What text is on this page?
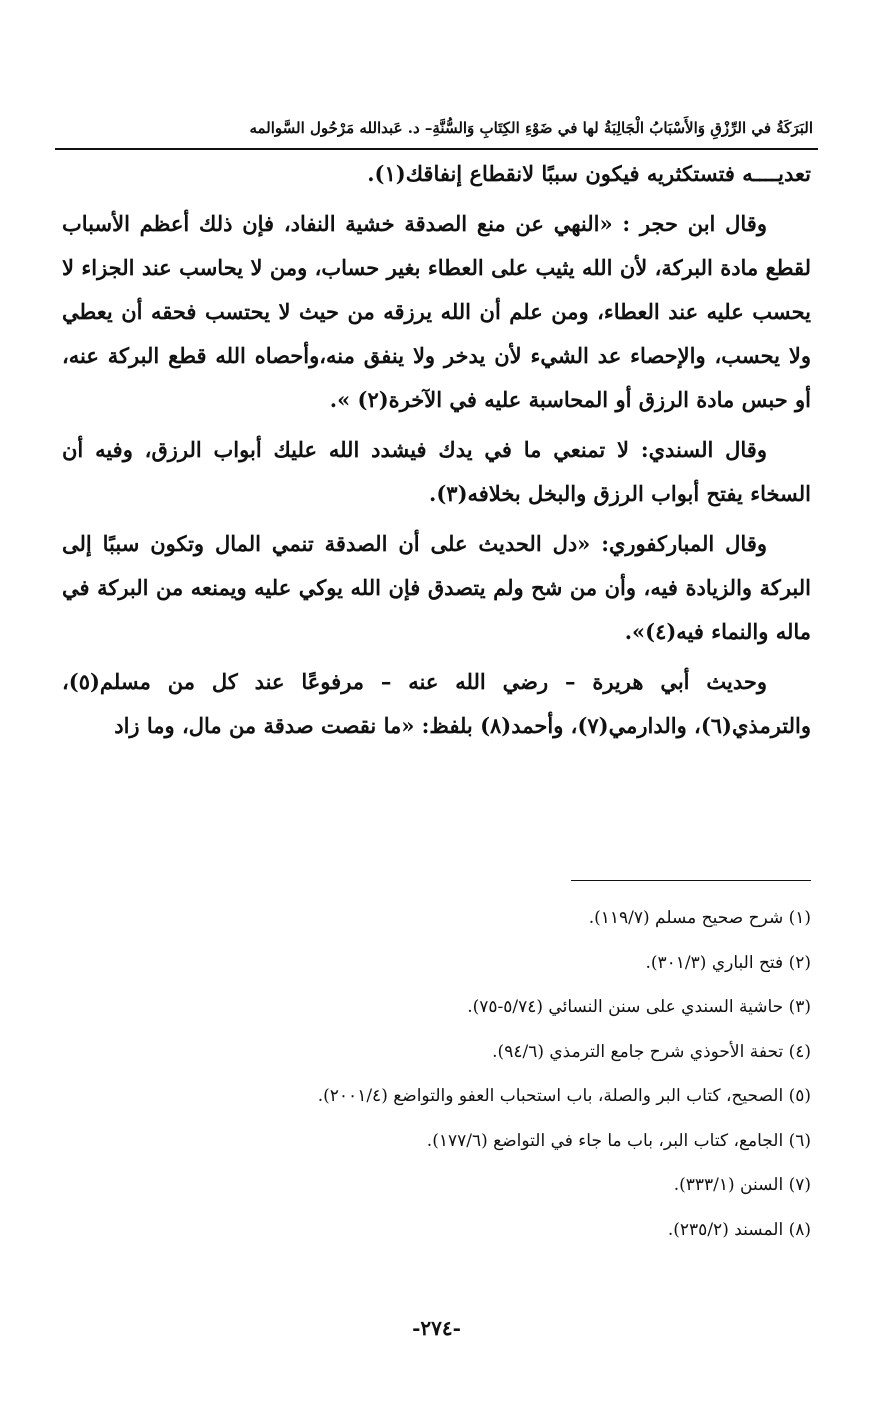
البَرَكَةُ في الرِّزْقِ وَالأَسْبَابُ الْجَالِبَةُ لها في ضَوْءِ الكِتَابِ وَالسُّنَّةِ– د. عَبدالله مَرْحُول السَّوالمه

تعديــــه فتستكثريه فيكون سببًا لانقطاع إنفاقك(١).

وقال ابن حجر : «النهي عن منع الصدقة خشية النفاد، فإن ذلك أعظم الأسباب لقطع مادة البركة، لأن الله يثيب على العطاء بغير حساب، ومن لا يحاسب عند الجزاء لا يحسب عليه عند العطاء، ومن علم أن الله يرزقه من حيث لا يحتسب فحقه أن يعطي ولا يحسب، والإحصاء عد الشيء لأن يدخر ولا ينفق منه،وأحصاه الله قطع البركة عنه، أو حبس مادة الرزق أو المحاسبة عليه في الآخرة(٢) ».

وقال السندي: لا تمنعي ما في يدك فيشدد الله عليك أبواب الرزق، وفيه أن السخاء يفتح أبواب الرزق والبخل بخلافه(٣).

وقال المباركفوري: «دل الحديث على أن الصدقة تنمي المال وتكون سببًا إلى البركة والزيادة فيه، وأن من شح ولم يتصدق فإن الله يوكي عليه ويمنعه من البركة في ماله والنماء فيه(٤)».

وحديث أبي هريرة – رضي الله عنه – مرفوعًا عند كل من مسلم(٥)، والترمذي(٦)، والدارمي(٧)، وأحمد(٨) بلفظ: «ما نقصت صدقة من مال، وما زاد

(١) شرح صحيح مسلم (١١٩/٧).
(٢) فتح الباري (٣٠١/٣).
(٣) حاشية السندي على سنن النسائي (٥/٧٤-٧٥).
(٤) تحفة الأحوذي شرح جامع الترمذي (٩٤/٦).
(٥) الصحيح، كتاب البر والصلة، باب استحباب العفو والتواضع (٢٠٠١/٤).
(٦) الجامع، كتاب البر، باب ما جاء في التواضع (١٧٧/٦).
(٧) السنن (٣٣٣/١).
(٨) المسند (٢٣٥/٢).
-٢٧٤-
